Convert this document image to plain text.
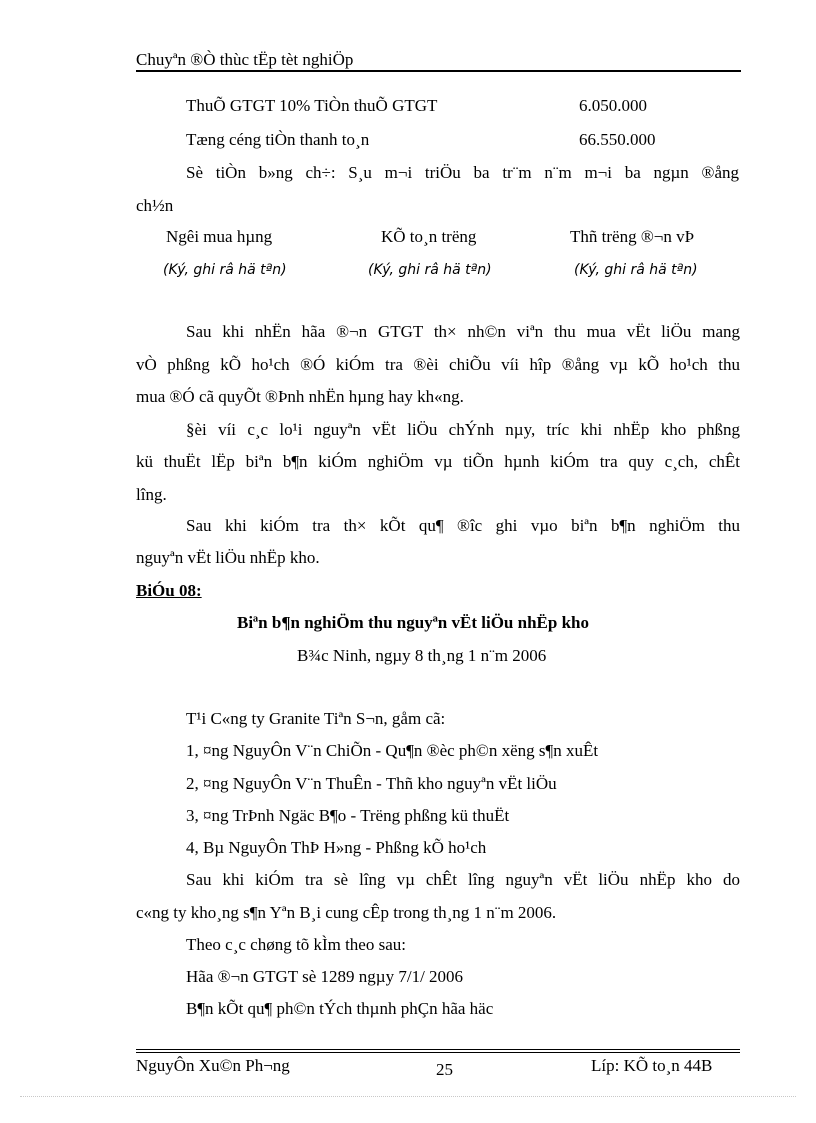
Chuyªn ®Ò thùc tËp tèt nghiÖp
ThuÕ GTGT 10% TiÒn thuÕ GTGT	6.050.000
Tæng céng tiÒn thanh to¸n	66.550.000
Sè tiÒn b»ng ch÷: S¸u m¬i triÖu ba tr¨m n¨m m¬i ba ngµn ®ång
ch½n
Ngêi mua hµng	KÕ to¸n trëng	Thñ trëng ®¬n vÞ
(Ký, ghi râ hä tªn)	(Ký, ghi râ hä tªn)	(Ký, ghi râ hä tªn)
Sau khi nhËn hãa ®¬n GTGT th× nh©n viªn thu mua vËt liÖu mang
vÒ phßng kÕ ho¹ch ®Ó kiÓm tra ®èi chiÕu víi hîp ®ång vµ kÕ ho¹ch thu
mua ®Ó cã quyÕt ®Þnh nhËn hµng hay kh«ng.
§èi víi c¸c lo¹i nguyªn vËt liÖu chÝnh nµy, tríc khi nhËp kho phßng
kü thuËt lËp biªn b¶n kiÓm nghiÖm vµ tiÕn hµnh kiÓm tra quy c¸ch, chÊt
lîng.
Sau khi kiÓm tra th× kÕt qu¶ ®îc ghi vµo biªn b¶n nghiÖm thu
nguyªn vËt liÖu nhËp kho.
BiÓu 08:
Biªn b¶n nghiÖm thu nguyªn vËt liÖu nhËp kho
B¾c Ninh, ngµy 8 th¸ng 1 n¨m 2006
T¹i C«ng ty Granite Tiªn S¬n, gåm cã:
1, ¤ng NguyÔn V¨n ChiÕn - Qu¶n ®èc ph©n xëng s¶n xuÊt
2, ¤ng NguyÔn V¨n ThuÊn - Thñ kho nguyªn vËt liÖu
3, ¤ng TrÞnh Ngäc B¶o - Trëng phßng kü thuËt
4, Bµ NguyÔn ThÞ H»ng - Phßng kÕ ho¹ch
Sau khi kiÓm tra sè lîng vµ chÊt lîng nguyªn vËt liÖu nhËp kho do
c«ng ty kho¸ng s¶n Yªn B¸i cung cÊp trong th¸ng 1 n¨m 2006.
Theo c¸c chøng tõ kÌm theo sau:
Hãa ®¬n GTGT sè 1289 ngµy 7/1/ 2006
B¶n kÕt qu¶ ph©n tÝch thµnh phÇn hãa häc
NguyÔn Xu©n Ph¬ng	25	Líp: KÕ to¸n 44B
